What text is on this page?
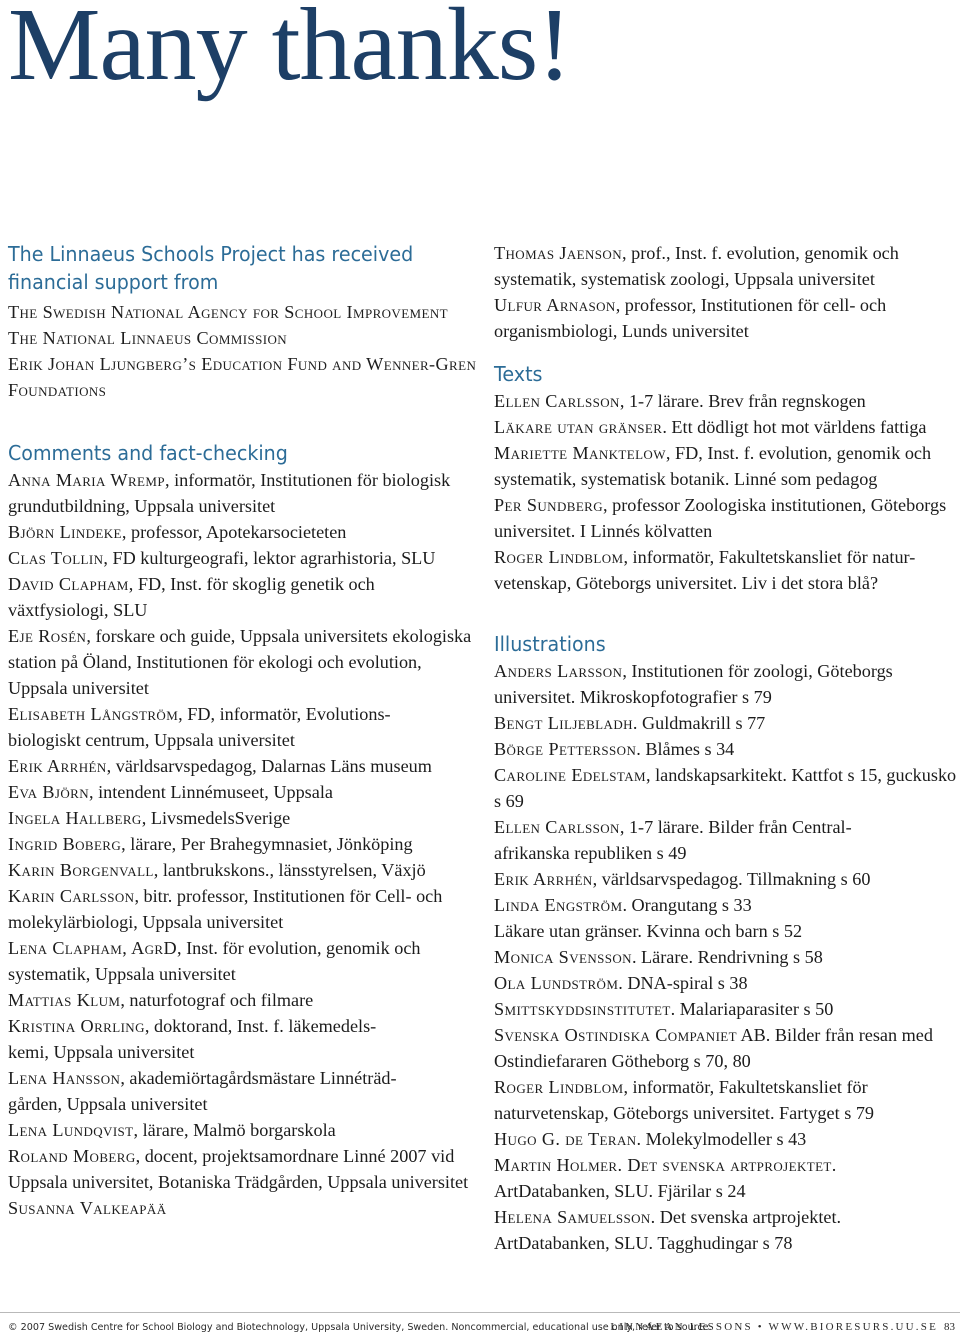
Many thanks!
The Linnaeus Schools Project has received financial support from

The Swedish National Agency for School Improvement

The National Linnaeus Commission

Erik Johan Ljungberg’s Education Fund and Wenner-Gren Foundations

Comments and fact-checking

Anna Maria Wremp, informatör, Institutionen för biologisk grundutbildning, Uppsala universitet

Björn Lindeke, professor, Apotekarsocieteten

Clas Tollin, FD kulturgeografi, lektor agrarhistoria, SLU

David Clapham, FD, Inst. för skoglig genetik och växtfysiologi, SLU

Eje Rosén, forskare och guide, Uppsala universitets ekologiska station på Öland, Institutionen för ekologi och evolution, Uppsala universitet

Elisabeth Långström, FD, informatör, Evolutions-
biologiskt centrum, Uppsala universitet

Erik Arrhén, världsarvspedagog, Dalarnas Läns museum

Eva Björn, intendent Linnémuseet, Uppsala

Ingela Hallberg, LivsmedelsSverige

Ingrid Boberg, lärare, Per Brahegymnasiet, Jönköping

Karin Borgenvall, lantbrukskons., länsstyrelsen, Växjö

Karin Carlsson, bitr. professor, Institutionen för Cell- och molekylärbiologi, Uppsala universitet

Lena Clapham, AgrD, Inst. för evolution, genomik och systematik, Uppsala universitet

Mattias Klum, naturfotograf och filmare

Kristina Orrling, doktorand, Inst. f. läkemedels-
kemi, Uppsala universitet

Lena Hansson, akademiörtagårdsmästare Linnéträd-
gården, Uppsala universitet

Lena Lundqvist, lärare, Malmö borgarskola

Roland Moberg, docent, projektsamordnare Linné 2007 vid Uppsala universitet, Botaniska Trädgården, Uppsala universitet

Susanna Valkeapää

Thomas Jaenson, prof., Inst. f. evolution, genomik och systematik, systematisk zoologi, Uppsala universitet

Ulfur Arnason, professor, Institutionen för cell- och organismbiologi, Lunds universitet

Texts

Ellen Carlsson, 1-7 lärare. Brev från regnskogen

Läkare utan gränser. Ett dödligt hot mot världens fattiga

Mariette Manktelow, FD, Inst. f. evolution, genomik och systematik, systematisk botanik. Linné som pedagog

Per Sundberg, professor Zoologiska institutionen, Göteborgs universitet. I Linnés kölvatten

Roger Lindblom, informatör, Fakultetskansliet för natur-
vetenskap, Göteborgs universitet. Liv i det stora blå?

Illustrations

Anders Larsson, Institutionen för zoologi, Göteborgs universitet. Mikroskopfotografier s 79

Bengt Liljebladh. Guldmakrill s 77

Börge Pettersson. Blåmes s 34

Caroline Edelstam, landskapsarkitekt. Kattfot s 15, guckusko s 69

Ellen Carlsson, 1-7 lärare. Bilder från Central-
afrikanska republiken s 49

Erik Arrhén, världsarvspedagog. Tillmakning s 60

Linda Engström. Orangutang s 33

Läkare utan gränser. Kvinna och barn s 52

Monica Svensson. Lärare. Rendrivning s 58

Ola Lundström. DNA-spiral s 38

Smittskyddsinstitutet. Malariaparasiter s 50

Svenska Ostindiska Companiet AB. Bilder från resan med Ostindiefararen Götheborg s 70, 80

Roger Lindblom, informatör, Fakultetskansliet för naturvetenskap, Göteborgs universitet. Fartyget s 79

Hugo G. de Teran. Molekylmodeller s 43

Martin Holmer. Det svenska artprojektet.
ArtDatabanken, SLU. Fjärilar s 24

Helena Samuelsson. Det svenska artprojektet.
ArtDatabanken, SLU. Tagghudingar s 78

© 2007 Swedish Centre for School Biology and Biotechnology, Uppsala University, Sweden. Noncommercial, educational use only, refer to source.
LINNAEAN LESSONS • WWW.BIORESURS.UU.SE 83
